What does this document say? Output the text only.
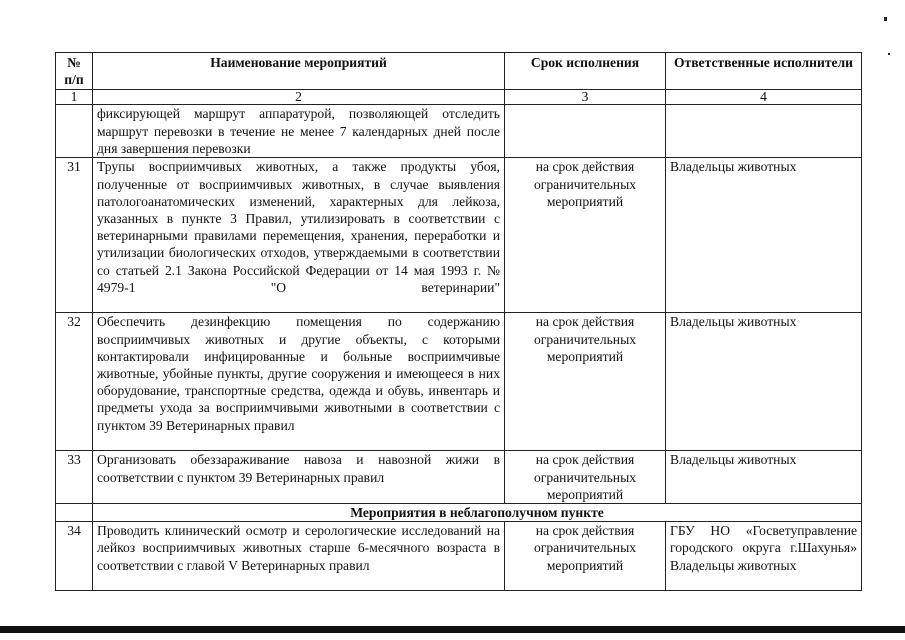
№ п/п	Наименование мероприятий	Срок исполнения	Ответственные исполнители
1	2	3	4
	фиксирующей маршрут аппаратурой, позволяющей отследить маршрут перевозки в течение не менее 7 календарных дней после дня завершения перевозки		
31	Трупы восприимчивых животных, а также продукты убоя, полученные от восприимчивых животных, в случае выявления патологоанатомических изменений, характерных для лейкоза, указанных в пункте 3 Правил, утилизировать в соответствии с ветеринарными правилами перемещения, хранения, переработки и утилизации биологических отходов, утверждаемыми в соответствии со статьей 2.1 Закона Российской Федерации от 14 мая 1993 г. № 4979-1 "О ветеринарии"	на срок действия ограничительных мероприятий	Владельцы животных
32	Обеспечить дезинфекцию помещения по содержанию восприимчивых животных и другие объекты, с которыми контактировали инфицированные и больные восприимчивые животные, убойные пункты, другие сооружения и имеющееся в них оборудование, транспортные средства, одежда и обувь, инвентарь и предметы ухода за восприимчивыми животными в соответствии с пунктом 39 Ветеринарных правил	на срок действия ограничительных мероприятий	Владельцы животных
33	Организовать обеззараживание навоза и навозной жижи в соответствии с пунктом 39 Ветеринарных правил	на срок действия ограничительных мероприятий	Владельцы животных
	Мероприятия в неблагополучном пункте		
34	Проводить клинический осмотр и серологические исследований на лейкоз восприимчивых животных старше 6-месячного возраста в соответствии с главой V Ветеринарных правил	на срок действия ограничительных мероприятий	ГБУ НО «Госветуправление городского округа г.Шахунья»
Владельцы животных
